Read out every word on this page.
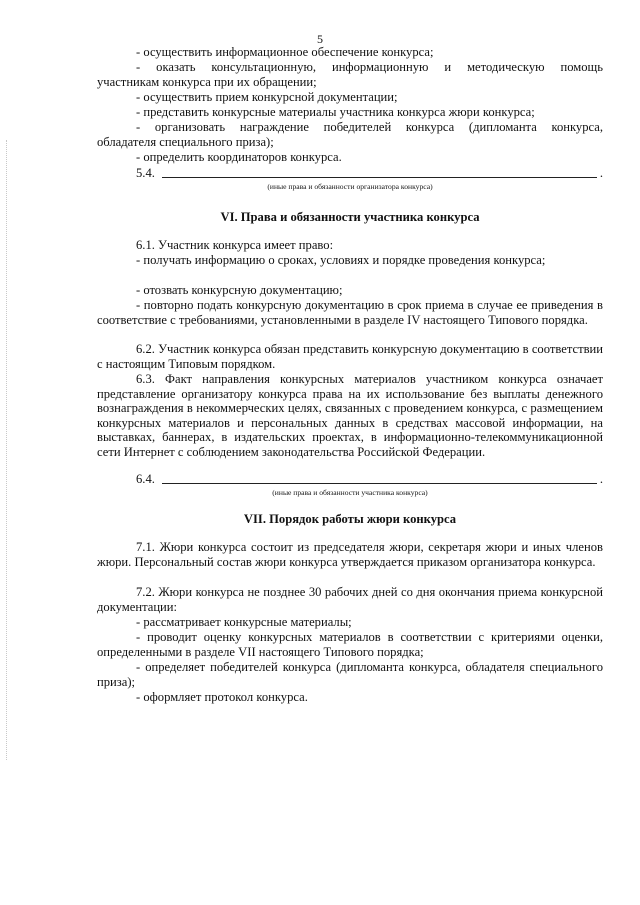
5
- осуществить информационное обеспечение конкурса;
- оказать консультационную, информационную и методическую помощь
участникам конкурса при их обращении;
- осуществить прием конкурсной документации;
- представить конкурсные материалы участника конкурса жюри конкурса;
- организовать награждение победителей конкурса (дипломанта конкурса,
обладателя специального приза);
- определить координаторов конкурса.
5.4.	.
(иные права и обязанности организатора конкурса)
VI. Права и обязанности участника конкурса
6.1. Участник конкурса имеет право:
- получать информацию о сроках, условиях и порядке проведения конкурса;
- отозвать конкурсную документацию;
- повторно подать конкурсную документацию в срок приема в случае ее приведения в соответствие с требованиями, установленными в разделе IV настоящего Типового порядка.
6.2. Участник конкурса обязан представить конкурсную документацию в соответствии с настоящим Типовым порядком.
6.3. Факт направления конкурсных материалов участником конкурса означает представление организатору конкурса права на их использование без выплаты денежного вознаграждения в некоммерческих целях, связанных с проведением конкурса, с размещением конкурсных материалов и персональных данных в средствах массовой информации, на выставках, баннерах, в издательских проектах, в информационно-телекоммуникационной сети Интернет с соблюдением законодательства Российской Федерации.
6.4.	.
(иные права и обязанности участника конкурса)
VII. Порядок работы жюри конкурса
7.1. Жюри конкурса состоит из председателя жюри, секретаря жюри и иных членов жюри. Персональный состав жюри конкурса утверждается приказом организатора конкурса.
7.2. Жюри конкурса не позднее 30 рабочих дней со дня окончания приема конкурсной документации:
- рассматривает конкурсные материалы;
- проводит оценку конкурсных материалов в соответствии с критериями оценки, определенными в разделе VII настоящего Типового порядка;
- определяет победителей конкурса (дипломанта конкурса, обладателя специального приза);
- оформляет протокол конкурса.
